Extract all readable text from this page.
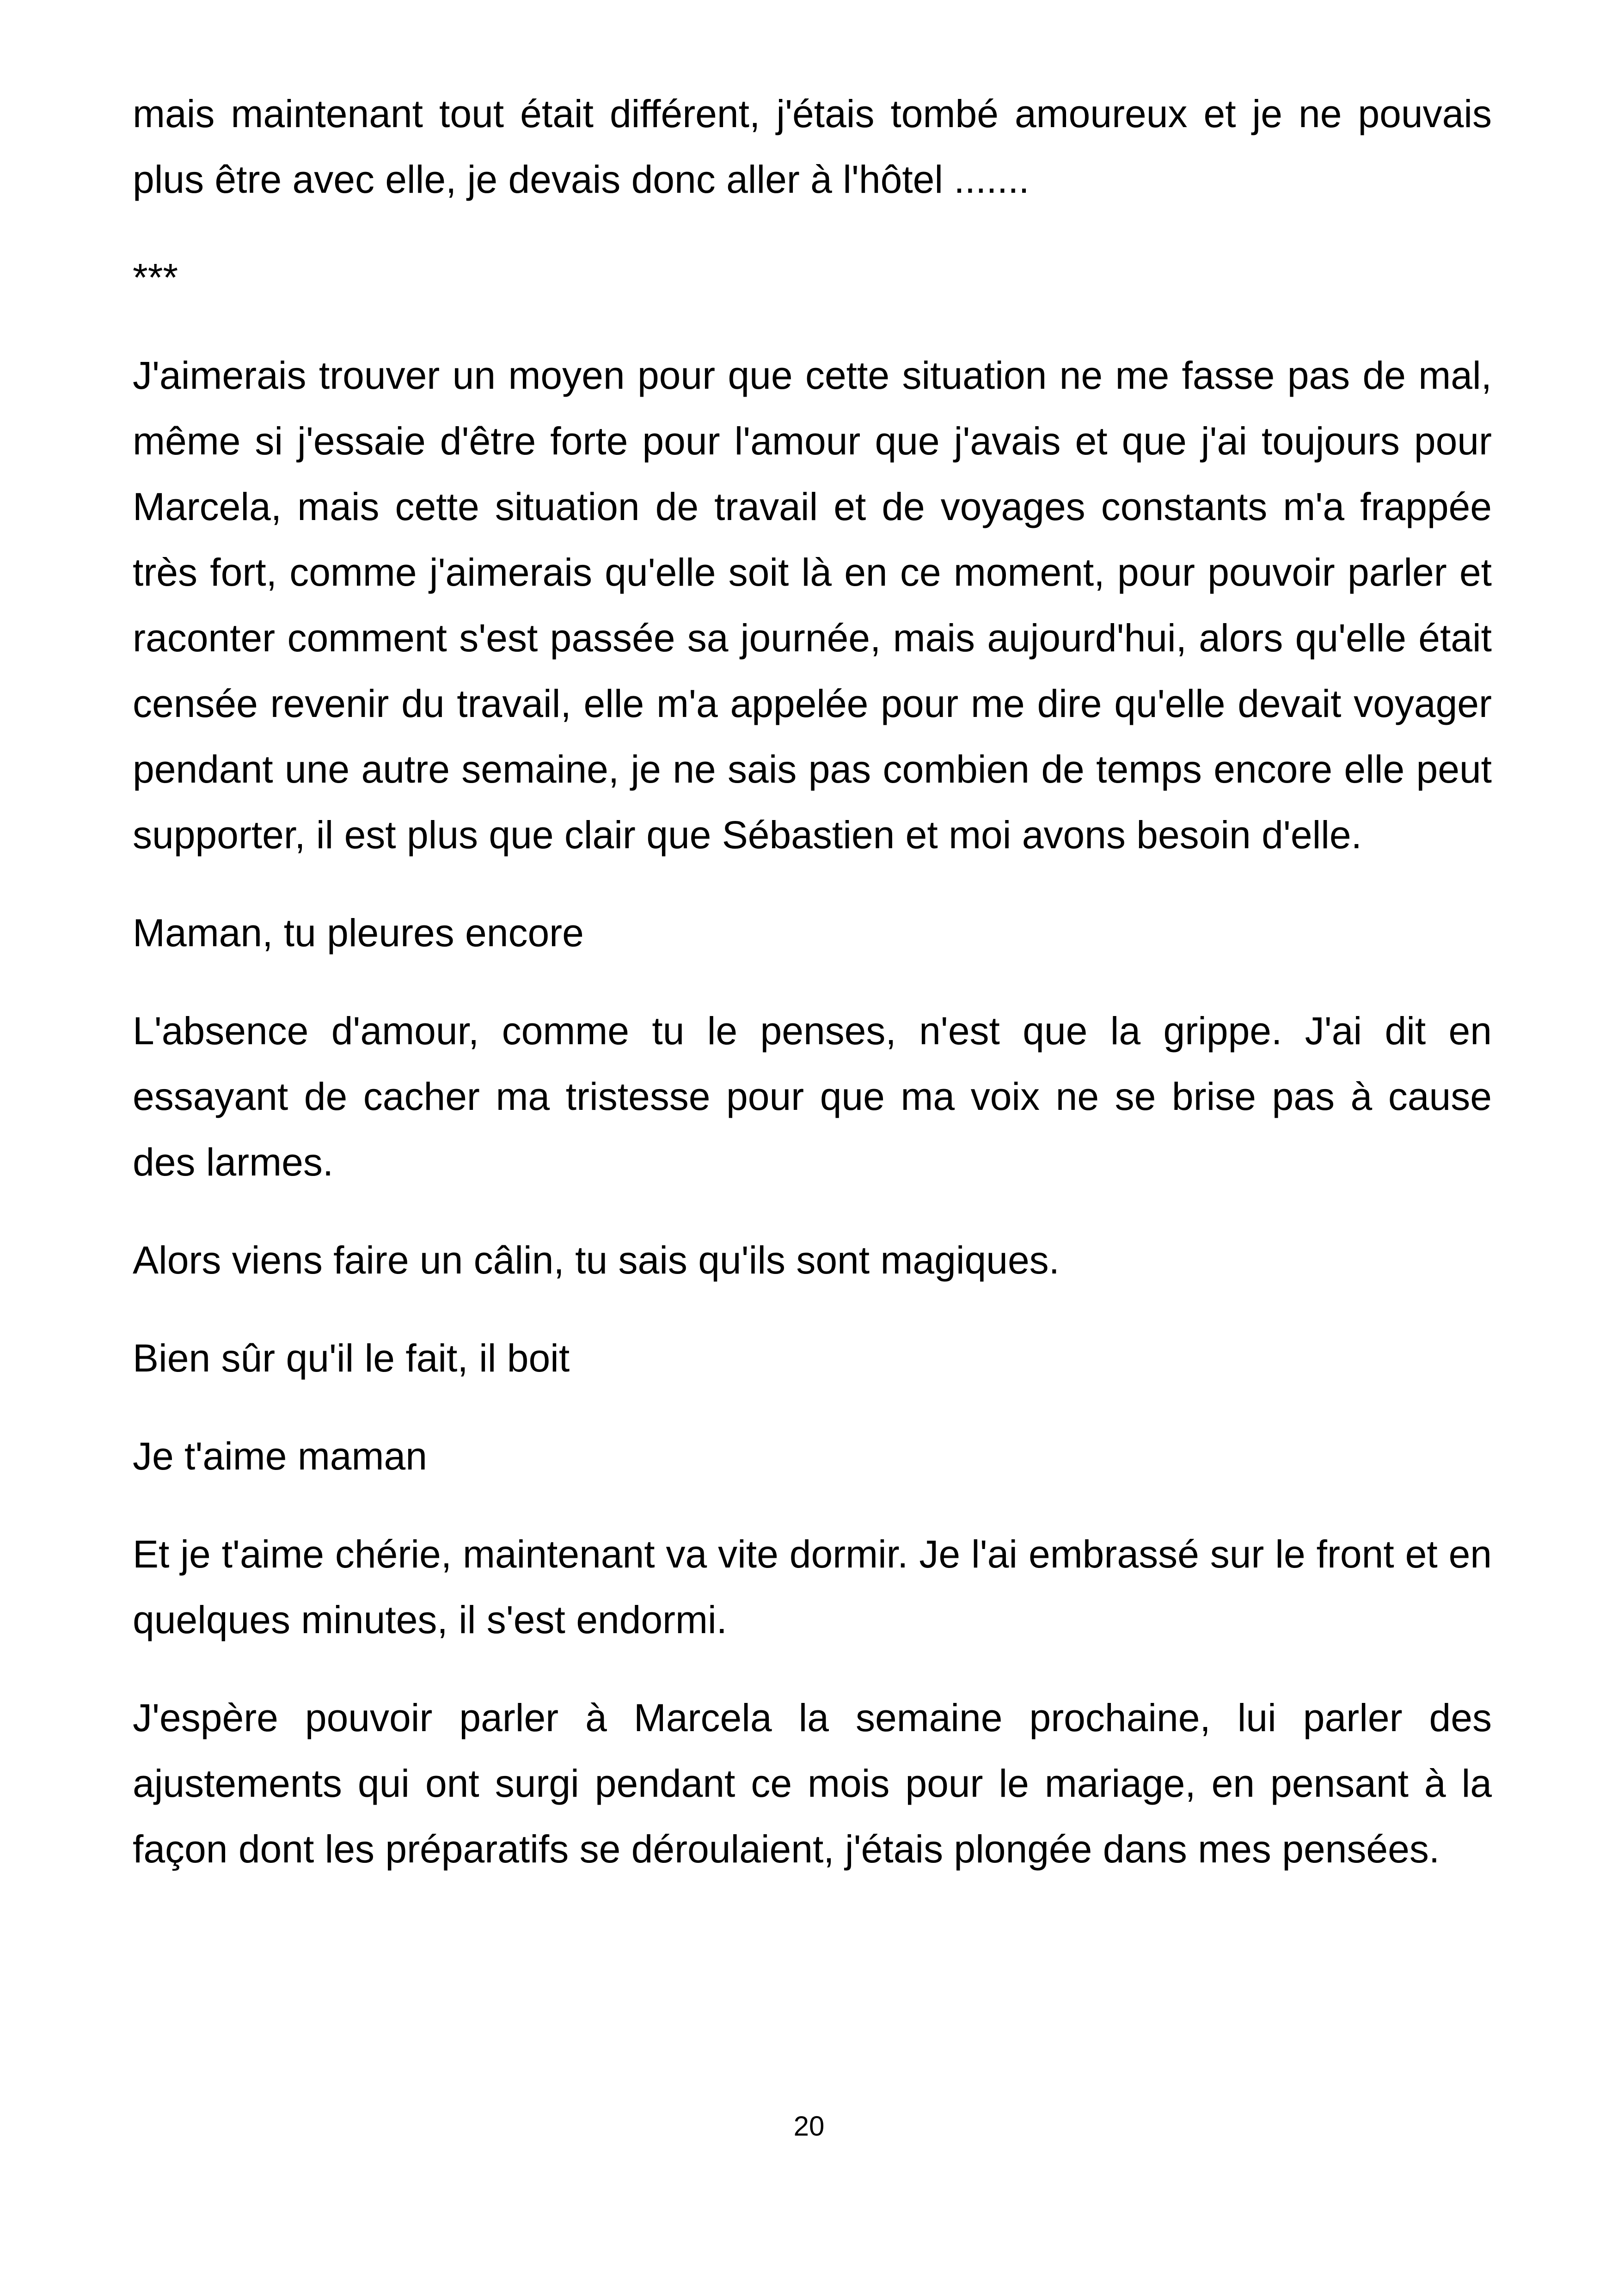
mais maintenant tout était différent, j'étais tombé amoureux et je ne pouvais plus être avec elle, je devais donc aller à l'hôtel .......

***

J'aimerais trouver un moyen pour que cette situation ne me fasse pas de mal, même si j'essaie d'être forte pour l'amour que j'avais et que j'ai toujours pour Marcela, mais cette situation de travail et de voyages constants m'a frappée très fort, comme j'aimerais qu'elle soit là en ce moment, pour pouvoir parler et raconter comment s'est passée sa journée, mais aujourd'hui, alors qu'elle était censée revenir du travail, elle m'a appelée pour me dire qu'elle devait voyager pendant une autre semaine, je ne sais pas combien de temps encore elle peut supporter, il est plus que clair que Sébastien et moi avons besoin d'elle.

Maman, tu pleures encore

L'absence d'amour, comme tu le penses, n'est que la grippe. J'ai dit en essayant de cacher ma tristesse pour que ma voix ne se brise pas à cause des larmes.

Alors viens faire un câlin, tu sais qu'ils sont magiques.

Bien sûr qu'il le fait, il boit

Je t'aime maman

Et je t'aime chérie, maintenant va vite dormir. Je l'ai embrassé sur le front et en quelques minutes, il s'est endormi.

J'espère pouvoir parler à Marcela la semaine prochaine, lui parler des ajustements qui ont surgi pendant ce mois pour le mariage, en pensant à la façon dont les préparatifs se déroulaient, j'étais plongée dans mes pensées.

20
